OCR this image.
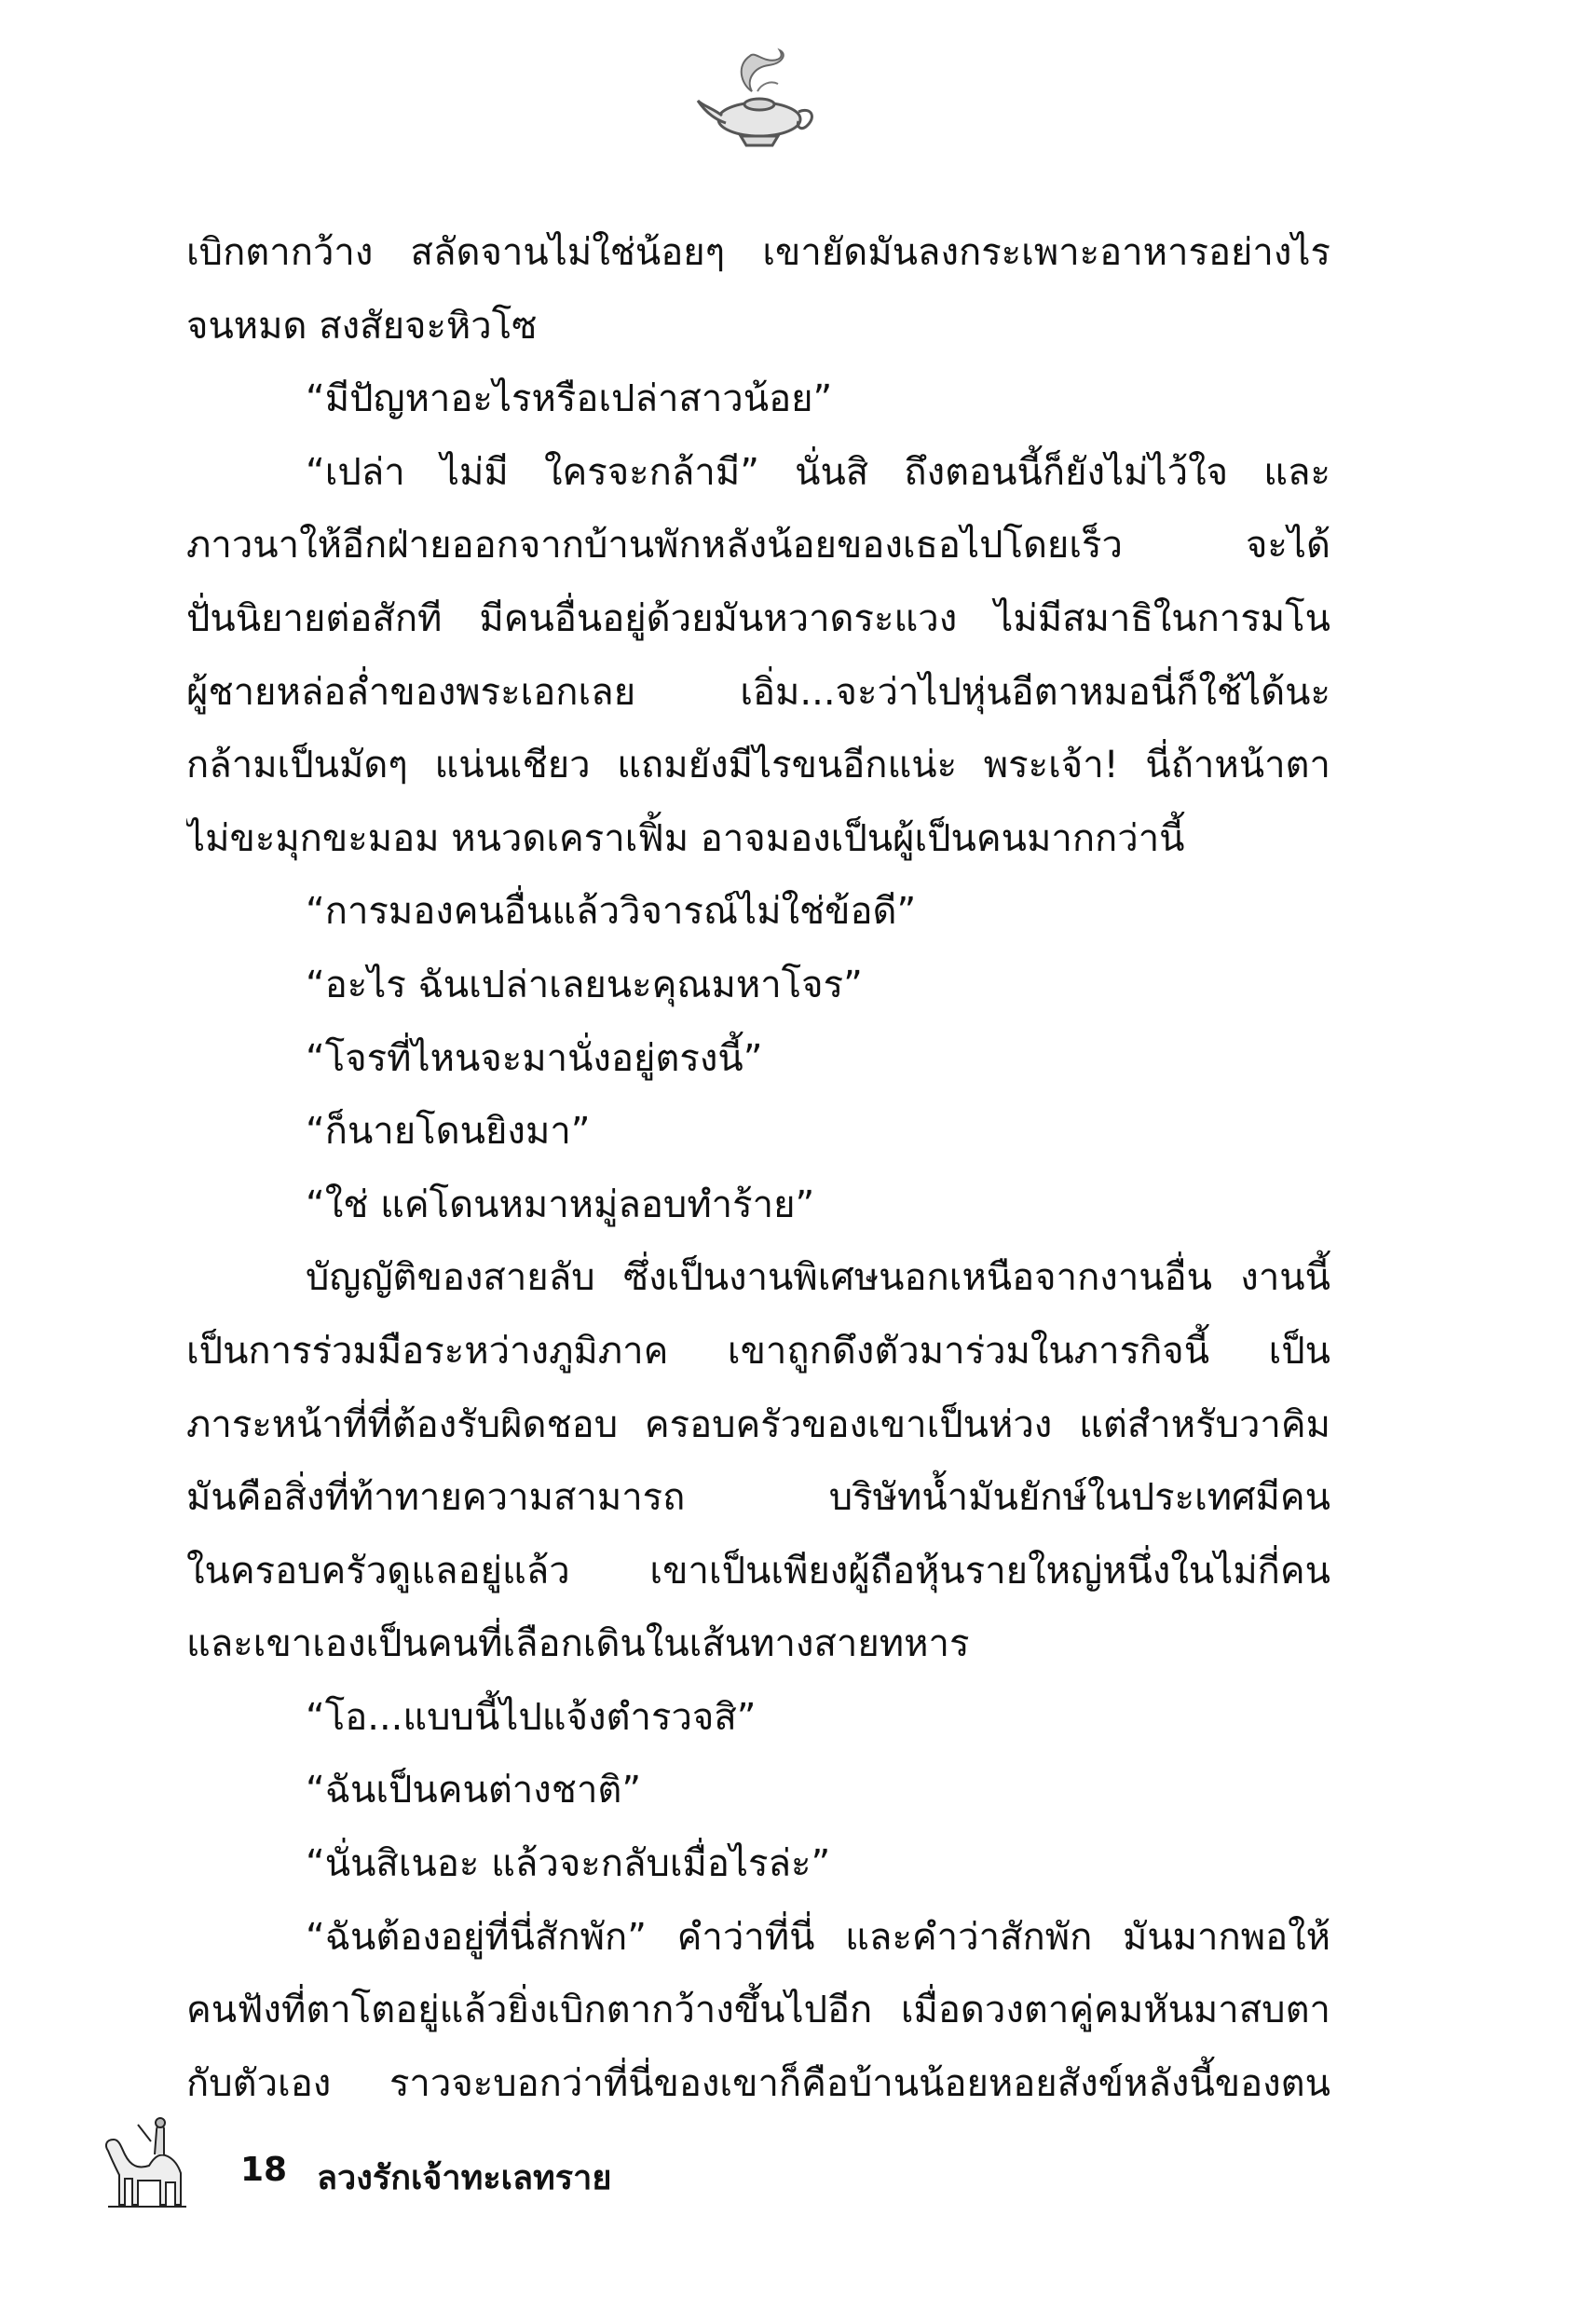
เบิกตากว้าง สลัดจานไม่ใช่น้อยๆ เขายัดมันลงกระเพาะอาหารอย่างไร
จนหมด สงสัยจะหิวโซ
“มีปัญหาอะไรหรือเปล่าสาวน้อย”
“เปล่า ไม่มี ใครจะกล้ามี” นั่นสิ ถึงตอนนี้ก็ยังไม่ไว้ใจ และ
ภาวนาให้อีกฝ่ายออกจากบ้านพักหลังน้อยของเธอไปโดยเร็ว จะได้
ปั่นนิยายต่อสักที มีคนอื่นอยู่ด้วยมันหวาดระแวง ไม่มีสมาธิในการมโน
ผู้ชายหล่อล่ำของพระเอกเลย เอิ่ม...จะว่าไปหุ่นอีตาหมอนี่ก็ใช้ได้นะ
กล้ามเป็นมัดๆ แน่นเชียว แถมยังมีไรขนอีกแน่ะ พระเจ้า! นี่ถ้าหน้าตา
ไม่ขะมุกขะมอม หนวดเคราเฟิ้ม อาจมองเป็นผู้เป็นคนมากกว่านี้
“การมองคนอื่นแล้ววิจารณ์ไม่ใช่ข้อดี”
“อะไร ฉันเปล่าเลยนะคุณมหาโจร”
“โจรที่ไหนจะมานั่งอยู่ตรงนี้”
“ก็นายโดนยิงมา”
“ใช่ แค่โดนหมาหมู่ลอบทำร้าย”
บัญญัติของสายลับ ซึ่งเป็นงานพิเศษนอกเหนือจากงานอื่น งานนี้
เป็นการร่วมมือระหว่างภูมิภาค เขาถูกดึงตัวมาร่วมในภารกิจนี้ เป็น
ภาระหน้าที่ที่ต้องรับผิดชอบ ครอบครัวของเขาเป็นห่วง แต่สำหรับวาคิม
มันคือสิ่งที่ท้าทายความสามารถ บริษัทน้ำมันยักษ์ในประเทศมีคน
ในครอบครัวดูแลอยู่แล้ว เขาเป็นเพียงผู้ถือหุ้นรายใหญ่หนึ่งในไม่กี่คน
และเขาเองเป็นคนที่เลือกเดินในเส้นทางสายทหาร
“โอ...แบบนี้ไปแจ้งตำรวจสิ”
“ฉันเป็นคนต่างชาติ”
“นั่นสิเนอะ แล้วจะกลับเมื่อไรล่ะ”
“ฉันต้องอยู่ที่นี่สักพัก” คำว่าที่นี่ และคำว่าสักพัก มันมากพอให้
คนฟังที่ตาโตอยู่แล้วยิ่งเบิกตากว้างขึ้นไปอีก เมื่อดวงตาคู่คมหันมาสบตา
กับตัวเอง ราวจะบอกว่าที่นี่ของเขาก็คือบ้านน้อยหอยสังข์หลังนี้ของตน
18 ลวงรักเจ้าทะเลทราย
